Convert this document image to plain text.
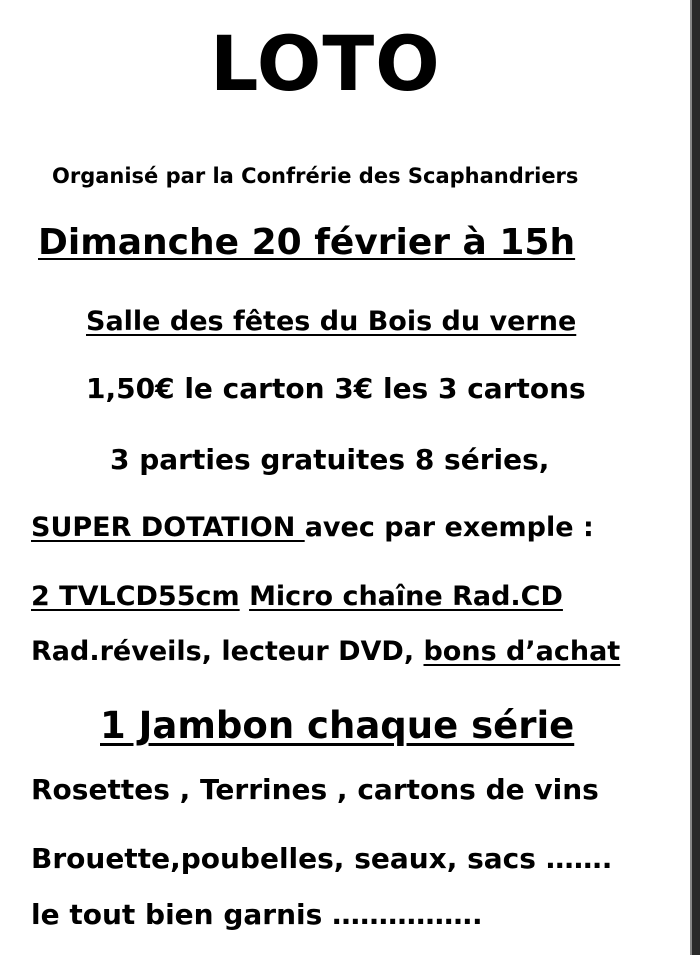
LOTO
Organisé par la Confrérie des Scaphandriers
Dimanche 20 février à 15h
Salle des fêtes du Bois du verne
1,50€ le carton 3€ les 3 cartons
3 parties gratuites 8 séries,
SUPER DOTATION avec par exemple :
2 TVLCD55cm Micro chaîne Rad.CD
Rad.réveils, lecteur DVD, bons d’achat
1 Jambon chaque série
Rosettes , Terrines , cartons de vins
Brouette,poubelles, seaux, sacs …….
le tout bien garnis …………….
